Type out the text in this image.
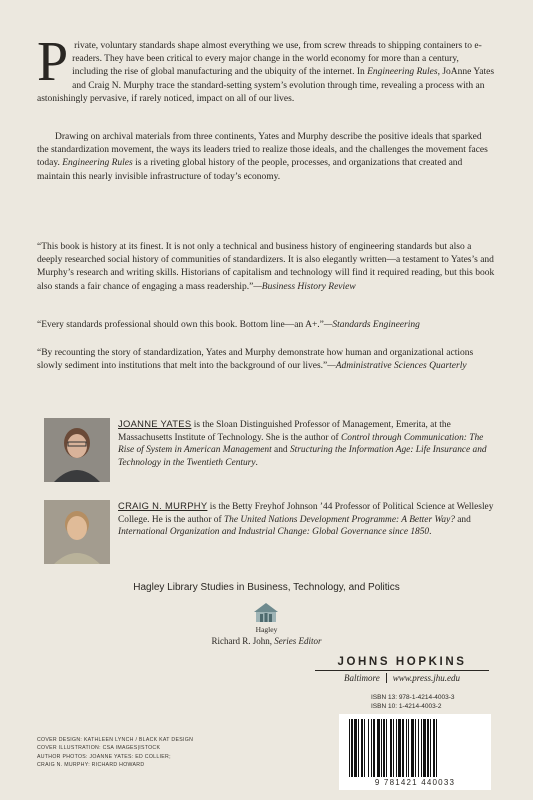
P rivate, voluntary standards shape almost everything we use, from screw threads to shipping containers to e-readers. They have been critical to every major change in the world economy for more than a century, including the rise of global manufacturing and the ubiquity of the internet. In Engineering Rules, JoAnne Yates and Craig N. Murphy trace the standard-setting system’s evolution through time, revealing a process with an astonishingly pervasive, if rarely noticed, impact on all of our lives.

Drawing on archival materials from three continents, Yates and Murphy describe the positive ideals that sparked the standardization movement, the ways its leaders tried to realize those ideals, and the challenges the movement faces today. Engineering Rules is a riveting global history of the people, processes, and organizations that created and maintain this nearly invisible infrastructure of today’s economy.

“This book is history at its finest. It is not only a technical and business history of engineering standards but also a deeply researched social history of communities of standardizers. It is also elegantly written—a testament to Yates’s and Murphy’s research and writing skills. Historians of capitalism and technology will find it required reading, but this book also stands a fair chance of engaging a mass readership.”—Business History Review

“Every standards professional should own this book. Bottom line—an A+.”—Standards Engineering

“By recounting the story of standardization, Yates and Murphy demonstrate how human and organizational actions slowly sediment into institutions that melt into the background of our lives.”—Administrative Sciences Quarterly

JOANNE YATES is the Sloan Distinguished Professor of Management, Emerita, at the Massachusetts Institute of Technology. She is the author of Control through Communication: The Rise of System in American Management and Structuring the Information Age: Life Insurance and Technology in the Twentieth Century.

CRAIG N. MURPHY is the Betty Freyhof Johnson ’44 Professor of Political Science at Wellesley College. He is the author of The United Nations Development Programme: A Better Way? and International Organization and Industrial Change: Global Governance since 1850.

Hagley Library Studies in Business, Technology, and Politics
Hagley
Richard R. John, Series Editor
JOHNS HOPKINS
Baltimore www.press.jhu.edu
ISBN 13: 978-1-4214-4003-3
ISBN 10: 1-4214-4003-2
9 781421 440033
COVER DESIGN: KATHLEEN LYNCH / BLACK KAT DESIGN
COVER ILLUSTRATION: CSA IMAGES|ISTOCK
AUTHOR PHOTOS: JOANNE YATES: ED COLLIER;
CRAIG N. MURPHY: RICHARD HOWARD
